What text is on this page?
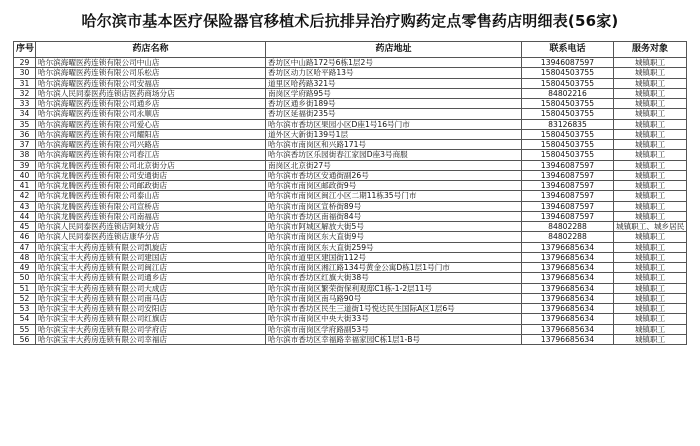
哈尔滨市基本医疗保险器官移植术后抗排异治疗购药定点零售药店明细表(56家)
序号	药店名称	药店地址	联系电话	服务对象
29	哈尔滨海曜医药连锁有限公司中山店	香坊区中山路172号6栋1层2号	13946087597	城镇职工
30	哈尔滨海曜医药连锁有限公司乐松店	香坊区动力区哈平路13号	15804503755	城镇职工
31	哈尔滨海曜医药连锁有限公司安福店	道里区哈药路321号	15804503755	城镇职工
32	哈尔滨人民同泰医药连锁店医药商场分店	南岗区学府路95号	84802216	城镇职工
33	哈尔滨海曜医药连锁有限公司通乡店	香坊区通乡街189号	15804503755	城镇职工
34	哈尔滨海曜医药连锁有限公司永顺店	香坊区延福街235号	15804503755	城镇职工
35	哈尔滨海曜医药连锁有限公司爱心店	哈尔滨市香坊区果园小区D座1号16号门市	83126835	城镇职工
36	哈尔滨海曜医药连锁有限公司耀阳店	道外区大新街139号1层	15804503755	城镇职工
37	哈尔滨海曜医药连锁有限公司兴路店	哈尔滨市南岗区和兴路171号	15804503755	城镇职工
38	哈尔滨海曜医药连锁有限公司春江店	哈尔滨香坊区乐园街春江家园D座3号商服	15804503755	城镇职工
39	哈尔滨龙腾医药连锁有限公司北京街分店	南岗区北京街27号	13946087597	城镇职工
40	哈尔滨龙腾医药连锁有限公司安通街店	哈尔滨市香坊区安通街副26号	13946087597	城镇职工
41	哈尔滨龙腾医药连锁有限公司邮政街店	哈尔滨市南岗区邮政街9号	13946087597	城镇职工
42	哈尔滨龙腾医药连锁有限公司泰山店	哈尔滨市南岗区闽江小区二期11栋35号门市	13946087597	城镇职工
43	哈尔滨龙腾医药连锁有限公司宣桥店	哈尔滨市南岗区宣桥街89号	13946087597	城镇职工
44	哈尔滨龙腾医药连锁有限公司南福店	哈尔滨市香坊区南福街84号	13946087597	城镇职工
45	哈尔滨人民同泰医药连锁店阿城分店	哈尔滨市阿城区解放大街5号	84802288	城镇职工、城乡居民
46	哈尔滨人民同泰医药连锁店康华分店	哈尔滨市南岗区东大直街9号	84802288	城镇职工
47	哈尔滨宝丰大药房连锁有限公司凯旋店	哈尔滨市南岗区东大直街259号	13796685634	城镇职工
48	哈尔滨宝丰大药房连锁有限公司建国店	哈尔滨市道里区建国街112号	13796685634	城镇职工
49	哈尔滨宝丰大药房连锁有限公司闽江店	哈尔滨市南岗区湘江路134号黄金公寓D栋1层1号门市	13796685634	城镇职工
50	哈尔滨宝丰大药房连锁有限公司通乡店	哈尔滨市香坊区红旗大街38号	13796685634	城镇职工
51	哈尔滨宝丰大药房连锁有限公司大成店	哈尔滨市南岗区繁荣街保利观邸C1栋-1-2层11号	13796685634	城镇职工
52	哈尔滨宝丰大药房连锁有限公司南马店	哈尔滨市南岗区南马路90号	13796685634	城镇职工
53	哈尔滨宝丰大药房连锁有限公司安阳店	哈尔滨市香坊区民生三道街1号悦达民生国际A区1层6号	13796685634	城镇职工
54	哈尔滨宝丰大药房连锁有限公司红旗店	哈尔滨市南岗区中央大街33号	13796685634	城镇职工
55	哈尔滨宝丰大药房连锁有限公司学府店	哈尔滨市南岗区学府路副53号	13796685634	城镇职工
56	哈尔滨宝丰大药房连锁有限公司幸福店	哈尔滨市香坊区幸福路幸福家园C栋1层1-B号	13796685634	城镇职工
